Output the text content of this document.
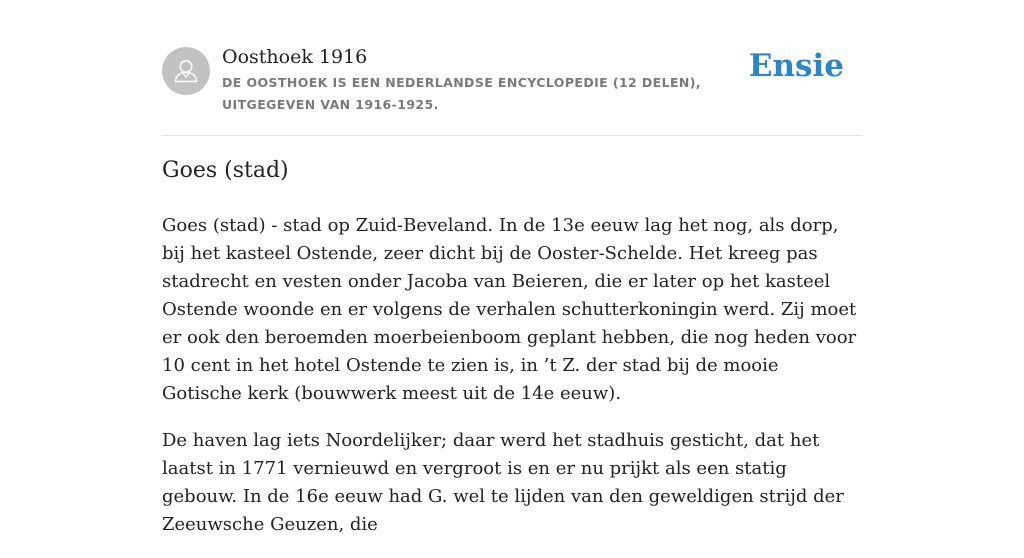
Oosthoek 1916
DE OOSTHOEK IS EEN NEDERLANDSE ENCYCLOPEDIE (12 DELEN), UITGEGEVEN VAN 1916-1925.
Ensie
Goes (stad)

Goes (stad) - stad op Zuid-Beveland. In de 13e eeuw lag het nog, als dorp, bij het kasteel Ostende, zeer dicht bij de Ooster-Schelde. Het kreeg pas stadrecht en vesten onder Jacoba van Beieren, die er later op het kasteel Ostende woonde en er volgens de verhalen schutterkoningin werd. Zij moet er ook den beroemden moerbeienboom geplant hebben, die nog heden voor 10 cent in het hotel Ostende te zien is, in ’t Z. der stad bij de mooie Gotische kerk (bouwwerk meest uit de 14e eeuw).

De haven lag iets Noordelijker; daar werd het stadhuis gesticht, dat het laatst in 1771 vernieuwd en vergroot is en er nu prijkt als een statig gebouw. In de 16e eeuw had G. wel te lijden van den geweldigen strijd der Zeeuwsche Geuzen, die
